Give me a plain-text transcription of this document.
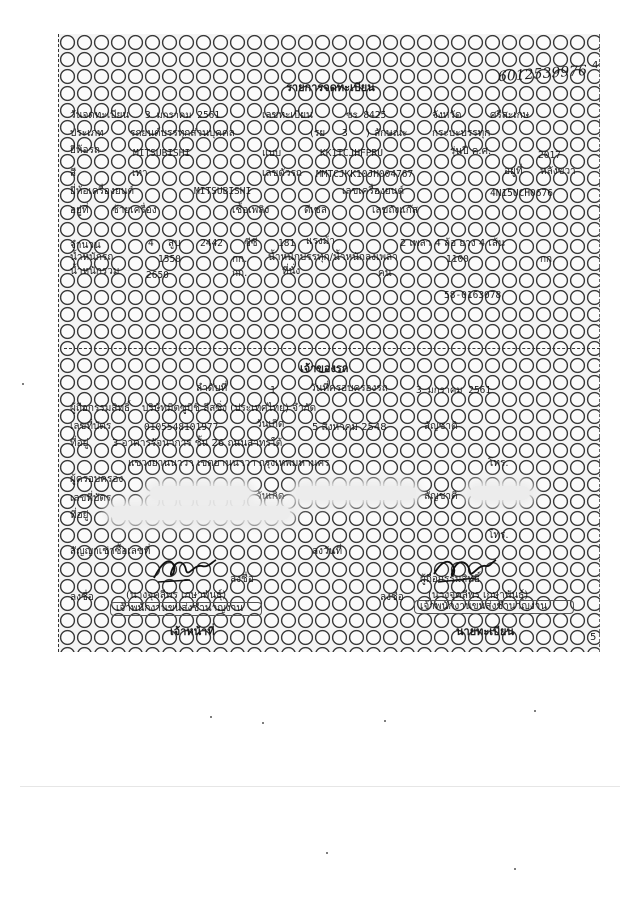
6012539976 4
รายการจดทะเบียน
วันจดทะเบียน 3 มกราคม 2561	เลขทะเบียน	ขร 8425	จังหวัด	ศรีสะเกษ
ประเภท	รถยนต์บรรทุกส่วนบุคคล	(รย 3 ) ลักษณะ กระบะบรรทุก
ยี่ห้อรถ	MITSUBISHI	แบบ	KK1TCJHFPRU	รุ่นปี ค.ศ.	2017
สี	เทา	เลขตัวรถ MMTCJKK10JH004767	อยู่ที่ หลังขวา
ยี่ห้อเครื่องยนต์	MITSUBISHI	เลขเครื่องยนต์	4N15UCH0676
อยู่ที่ ซ้ายเครื่อง	เชื้อเพลิง	ดีเซล	เลขถังแก๊ส
จำนวน	4 สูบ 2442 ซีซี 181 แรงม้า	2 เพลา 4 ล้อ ยาง 4 เส้น
น้ำหนักรถ	1550	กก. น้ำหนักบรรทุก/น้ำหนักลงเพลา	1100	กก.
น้ำหนักรวม	2650	กก.	ที่นั่ง	คน
58-0163078
เจ้าของรถ
ลำดับที่	1	วันที่ครอบครองรถ	3 มกราคม 2561
ผู้ถือกรรมสิทธิ์ บริษัทมิตซูบิชิ ลีสซิ่ง (ประเทศไทย) จำกัด
เลขที่บัตร	0105548101977	วันเกิด	5 สิงหาคม 2548	สัญชาติ
ที่อยู่ 3 อาคารรัจนาการ ชั้น 26 ถนนสาทรใต้
แขวงยานนาวา เขตยานนาวา กรุงเทพมหานคร	โทร.
ผู้ครอบครอง
เลขที่บัตร	วันเกิด	สัญชาติ
ที่อยู่
โทร.
สัญญาเช่าซื้อเลขที่	ลงวันที่
ลงชื่อ	ผู้ถือกรรมสิทธิ์
ลงชื่อ	(นางจุคลีพร เกษาพันธุ์)	ลงชื่อ (นางจุคลีพร เกษาพันธุ์)
เจ้าพนักงานขนส่งชำนาญงาน	เจ้าพนักงานขนส่งชำนาญงาน
เจ้าหน้าที่	นายทะเบียน	5
